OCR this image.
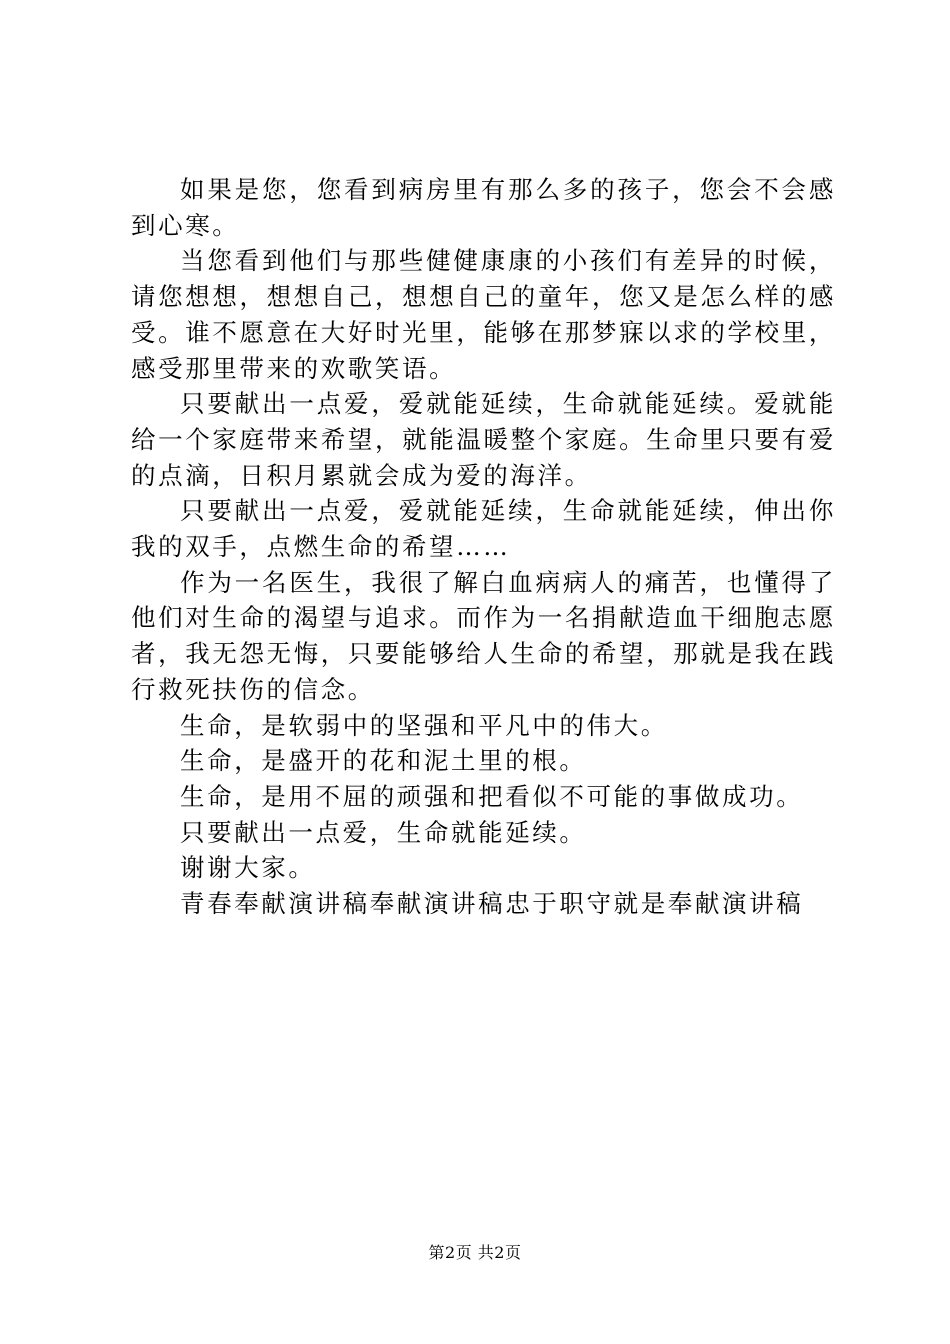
如果是您，您看到病房里有那么多的孩子，您会不会感到心寒。

当您看到他们与那些健健康康的小孩们有差异的时候，请您想想，想想自己，想想自己的童年，您又是怎么样的感受。谁不愿意在大好时光里，能够在那梦寐以求的学校里，感受那里带来的欢歌笑语。

只要献出一点爱，爱就能延续，生命就能延续。爱就能给一个家庭带来希望，就能温暖整个家庭。生命里只要有爱的点滴，日积月累就会成为爱的海洋。

只要献出一点爱，爱就能延续，生命就能延续，伸出你我的双手，点燃生命的希望……

作为一名医生，我很了解白血病病人的痛苦，也懂得了他们对生命的渴望与追求。而作为一名捐献造血干细胞志愿者，我无怨无悔，只要能够给人生命的希望，那就是我在践行救死扶伤的信念。

生命，是软弱中的坚强和平凡中的伟大。

生命，是盛开的花和泥土里的根。

生命，是用不屈的顽强和把看似不可能的事做成功。

只要献出一点爱，生命就能延续。

谢谢大家。

青春奉献演讲稿奉献演讲稿忠于职守就是奉献演讲稿

第2页 共2页
